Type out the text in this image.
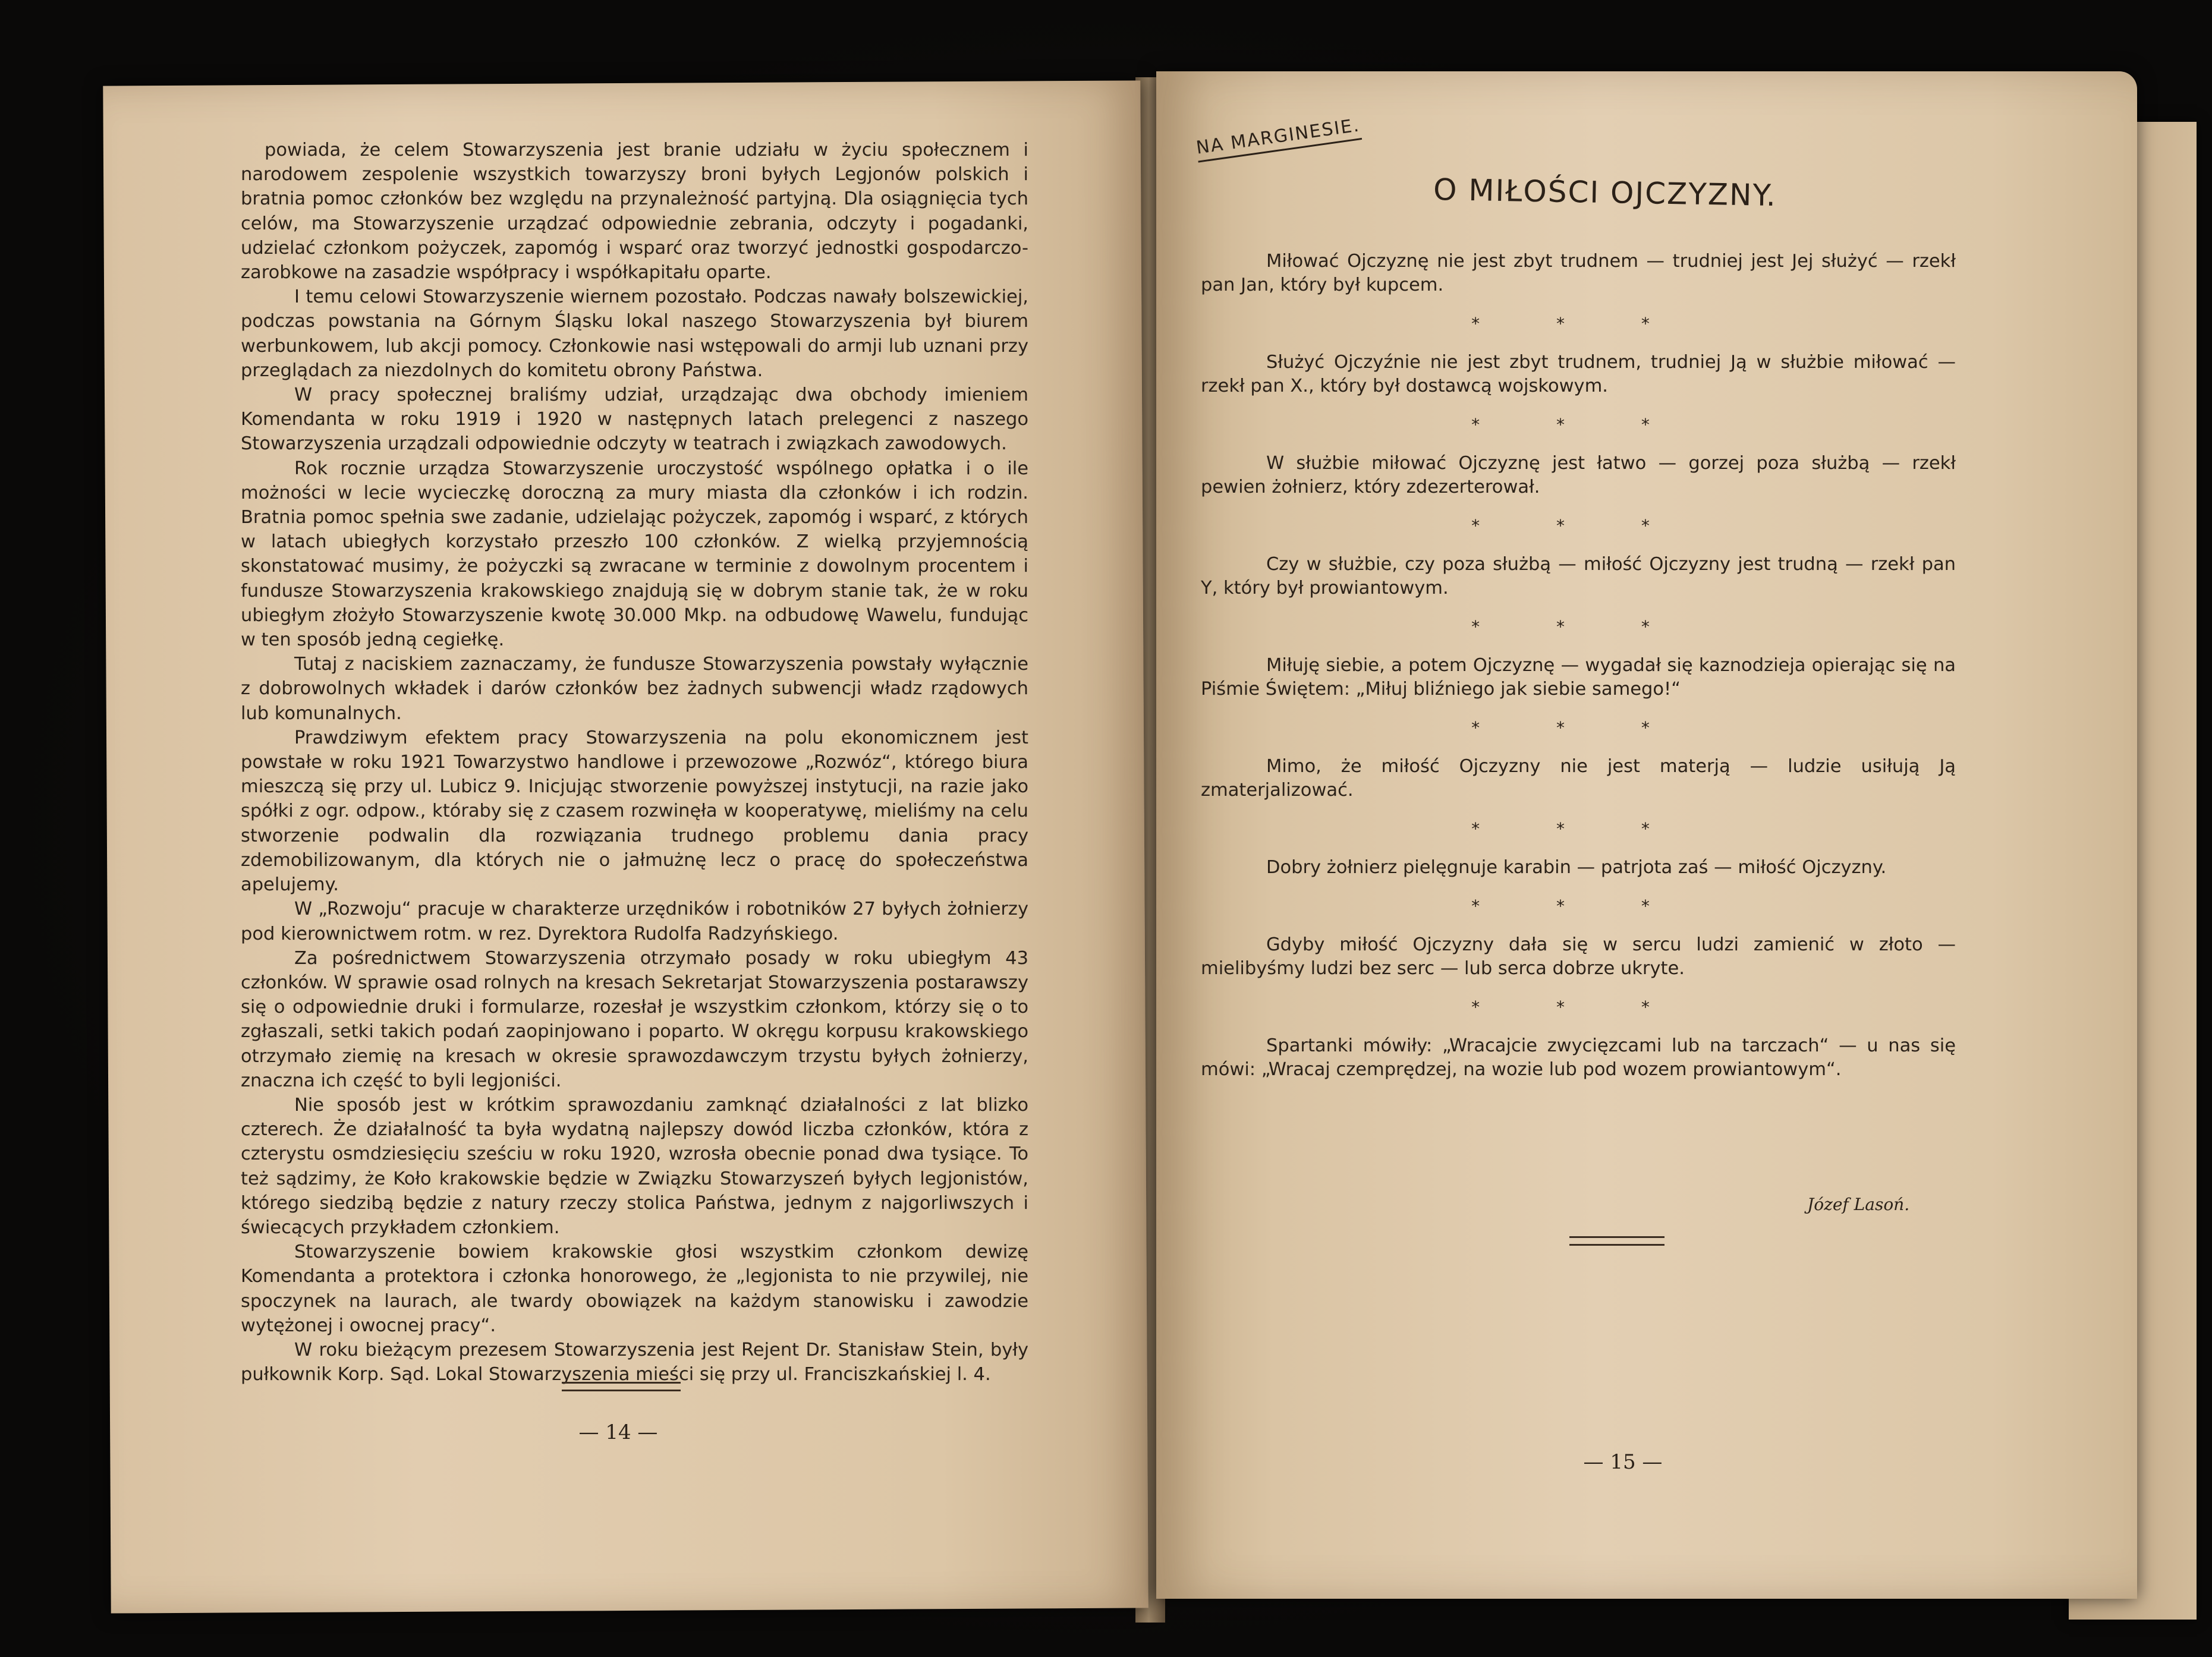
powiada, że celem Stowarzyszenia jest branie udziału w życiu społecznem i narodowem zespolenie wszystkich towarzyszy broni byłych Legjonów polskich i bratnia pomoc członków bez względu na przynależność partyjną. Dla osiągnięcia tych celów, ma Stowarzyszenie urządzać odpowiednie zebrania, odczyty i pogadanki, udzielać członkom pożyczek, zapomóg i wsparć oraz tworzyć jednostki gospodarczo-zarobkowe na zasadzie współpracy i współkapitału oparte.

I temu celowi Stowarzyszenie wiernem pozostało. Podczas nawały bolszewickiej, podczas powstania na Górnym Śląsku lokal naszego Stowarzyszenia był biurem werbunkowem, lub akcji pomocy. Członkowie nasi wstępowali do armji lub uznani przy przeglądach za niezdolnych do komitetu obrony Państwa.

W pracy społecznej braliśmy udział, urządzając dwa obchody imieniem Komendanta w roku 1919 i 1920 w następnych latach prelegenci z naszego Stowarzyszenia urządzali odpowiednie odczyty w teatrach i związkach zawodowych.

Rok rocznie urządza Stowarzyszenie uroczystość wspólnego opłatka i o ile możności w lecie wycieczkę doroczną za mury miasta dla członków i ich rodzin. Bratnia pomoc spełnia swe zadanie, udzielając pożyczek, zapomóg i wsparć, z których w latach ubiegłych korzystało przeszło 100 członków. Z wielką przyjemnością skonstatować musimy, że pożyczki są zwracane w terminie z dowolnym procentem i fundusze Stowarzyszenia krakowskiego znajdują się w dobrym stanie tak, że w roku ubiegłym złożyło Stowarzyszenie kwotę 30.000 Mkp. na odbudowę Wawelu, fundując w ten sposób jedną cegiełkę.

Tutaj z naciskiem zaznaczamy, że fundusze Stowarzyszenia powstały wyłącznie z dobrowolnych wkładek i darów członków bez żadnych subwencji władz rządowych lub komunalnych.

Prawdziwym efektem pracy Stowarzyszenia na polu ekonomicznem jest powstałe w roku 1921 Towarzystwo handlowe i przewozowe „Rozwóz“, którego biura mieszczą się przy ul. Lubicz 9. Inicjując stworzenie powyższej instytucji, na razie jako spółki z ogr. odpow., któraby się z czasem rozwinęła w kooperatywę, mieliśmy na celu stworzenie podwalin dla rozwiązania trudnego problemu dania pracy zdemobilizowanym, dla których nie o jałmużnę lecz o pracę do społeczeństwa apelujemy.

W „Rozwoju“ pracuje w charakterze urzędników i robotników 27 byłych żołnierzy pod kierownictwem rotm. w rez. Dyrektora Rudolfa Radzyńskiego.

Za pośrednictwem Stowarzyszenia otrzymało posady w roku ubiegłym 43 członków. W sprawie osad rolnych na kresach Sekretarjat Stowarzyszenia postarawszy się o odpowiednie druki i formularze, rozesłał je wszystkim członkom, którzy się o to zgłaszali, setki takich podań zaopinjowano i poparto. W okręgu korpusu krakowskiego otrzymało ziemię na kresach w okresie sprawozdawczym trzystu byłych żołnierzy, znaczna ich część to byli legjoniści.

Nie sposób jest w krótkim sprawozdaniu zamknąć działalności z lat blizko czterech. Że działalność ta była wydatną najlepszy dowód liczba członków, która z czterystu osmdziesięciu sześciu w roku 1920, wzrosła obecnie ponad dwa tysiące. To też sądzimy, że Koło krakowskie będzie w Związku Stowarzyszeń byłych legjonistów, którego siedzibą będzie z natury rzeczy stolica Państwa, jednym z najgorliwszych i świecących przykładem członkiem.

Stowarzyszenie bowiem krakowskie głosi wszystkim członkom dewizę Komendanta a protektora i członka honorowego, że „legjonista to nie przywilej, nie spoczynek na laurach, ale twardy obowiązek na każdym stanowisku i zawodzie wytężonej i owocnej pracy“.

W roku bieżącym prezesem Stowarzyszenia jest Rejent Dr. Stanisław Stein, były pułkownik Korp. Sąd. Lokal Stowarzyszenia mieści się przy ul. Franciszkańskiej l. 4.

— 14 —
NA MARGINESIE.
O MIŁOŚCI OJCZYZNY.

Miłować Ojczyznę nie jest zbyt trudnem — trudniej jest Jej służyć — rzekł pan Jan, który był kupcem.

* * *

Służyć Ojczyźnie nie jest zbyt trudnem, trudniej Ją w służbie miłować — rzekł pan X., który był dostawcą wojskowym.

* * *

W służbie miłować Ojczyznę jest łatwo — gorzej poza służbą — rzekł pewien żołnierz, który zdezerterował.

* * *

Czy w służbie, czy poza służbą — miłość Ojczyzny jest trudną — rzekł pan Y, który był prowiantowym.

* * *

Miłuję siebie, a potem Ojczyznę — wygadał się kaznodzieja opierając się na Piśmie Świętem: „Miłuj bliźniego jak siebie samego!“

* * *

Mimo, że miłość Ojczyzny nie jest materją — ludzie usiłują Ją zmaterjalizować.

* * *

Dobry żołnierz pielęgnuje karabin — patrjota zaś — miłość Ojczyzny.

* * *

Gdyby miłość Ojczyzny dała się w sercu ludzi zamienić w złoto — mielibyśmy ludzi bez serc — lub serca dobrze ukryte.

* * *

Spartanki mówiły: „Wracajcie zwycięzcami lub na tarczach“ — u nas się mówi: „Wracaj czemprędzej, na wozie lub pod wozem prowiantowym“.

Józef Lasoń.
— 15 —
